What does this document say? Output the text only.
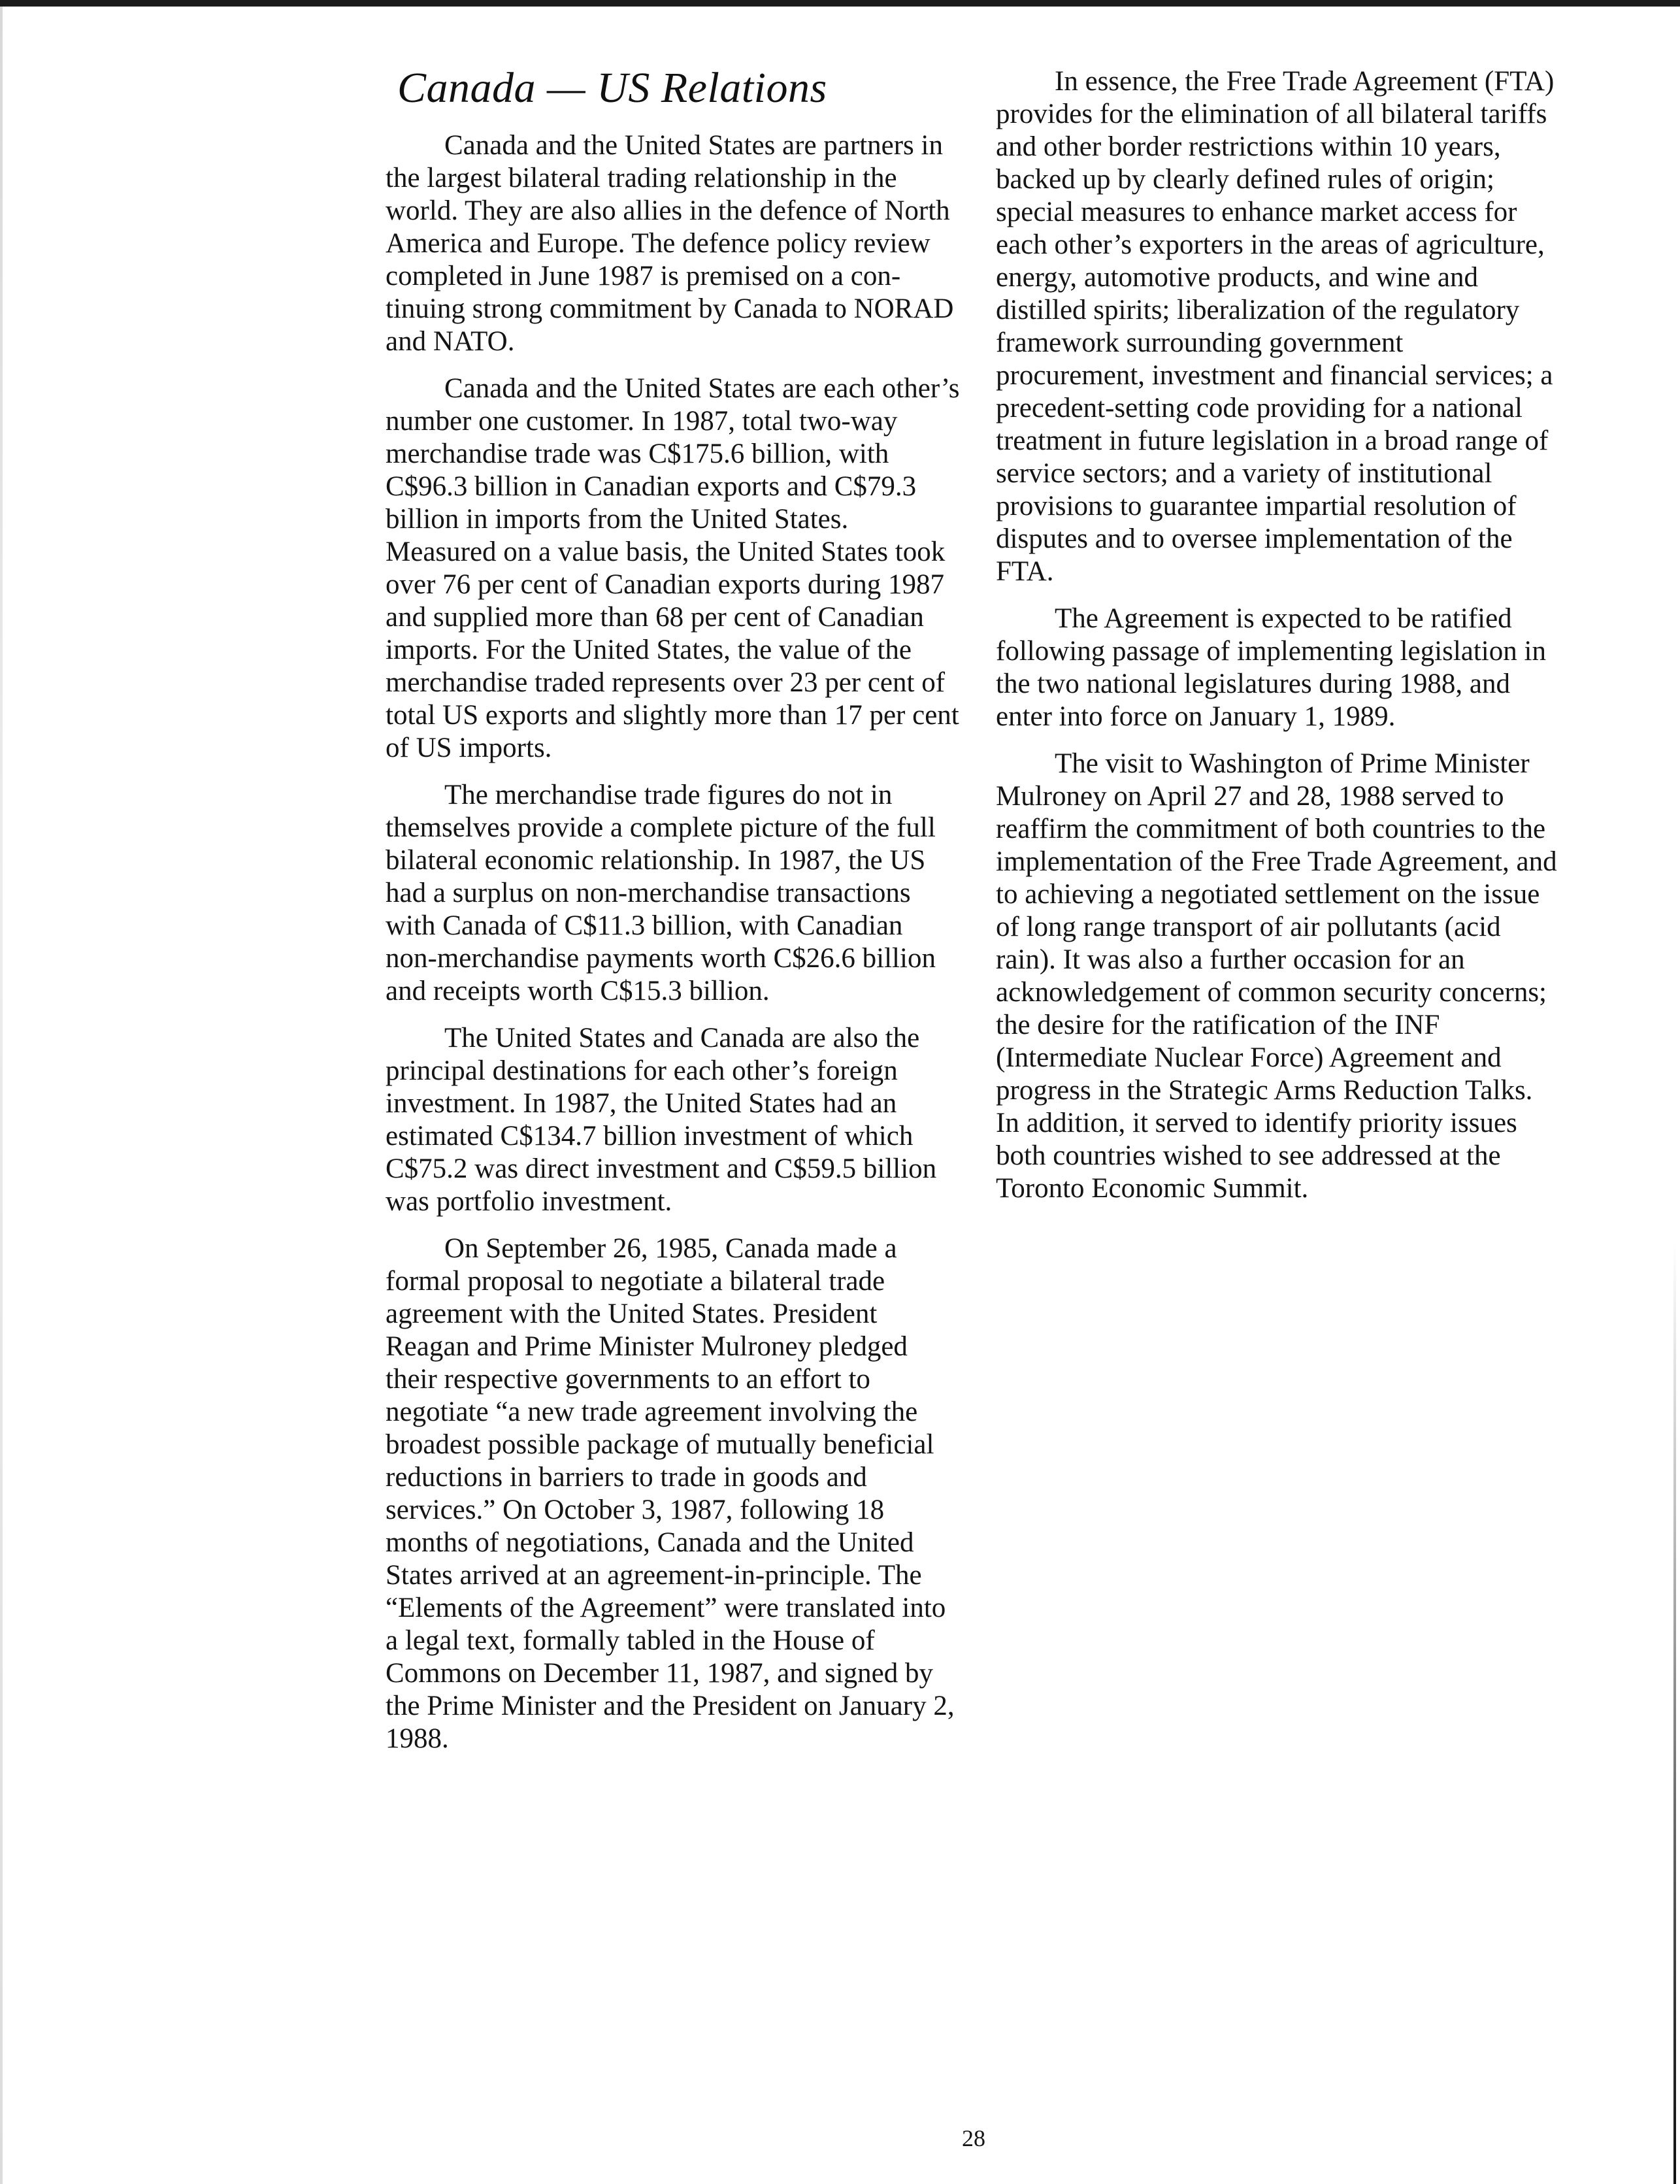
Canada — US Relations

Canada and the United States are partners in the largest bilateral trading relationship in the world. They are also allies in the defence of North America and Europe. The defence policy review completed in June 1987 is premised on a continuing strong commitment by Canada to NORAD and NATO.

Canada and the United States are each other’s number one customer. In 1987, total two-way merchandise trade was C$175.6 billion, with C$96.3 billion in Canadian exports and C$79.3 billion in imports from the United States. Measured on a value basis, the United States took over 76 per cent of Canadian exports during 1987 and supplied more than 68 per cent of Canadian imports. For the United States, the value of the merchandise traded represents over 23 per cent of total US exports and slightly more than 17 per cent of US imports.

The merchandise trade figures do not in themselves provide a complete picture of the full bilateral economic relationship. In 1987, the US had a surplus on non-merchandise transactions with Canada of C$11.3 billion, with Canadian non-merchandise payments worth C$26.6 billion and receipts worth C$15.3 billion.

The United States and Canada are also the principal destinations for each other’s foreign investment. In 1987, the United States had an estimated C$134.7 billion investment of which C$75.2 was direct investment and C$59.5 billion was portfolio investment.

On September 26, 1985, Canada made a formal proposal to negotiate a bilateral trade agreement with the United States. President Reagan and Prime Minister Mulroney pledged their respective governments to an effort to negotiate “a new trade agreement involving the broadest possible package of mutually beneficial reductions in barriers to trade in goods and services.” On October 3, 1987, following 18 months of negotiations, Canada and the United States arrived at an agreement-in-principle. The “Elements of the Agreement” were translated into a legal text, formally tabled in the House of Commons on December 11, 1987, and signed by the Prime Minister and the President on January 2, 1988.

In essence, the Free Trade Agreement (FTA) provides for the elimination of all bilateral tariffs and other border restrictions within 10 years, backed up by clearly defined rules of origin; special measures to enhance market access for each other’s exporters in the areas of agriculture, energy, automotive products, and wine and distilled spirits; liberalization of the regulatory framework surrounding government procurement, investment and financial services; a precedent-setting code providing for a national treatment in future legislation in a broad range of service sectors; and a variety of institutional provisions to guarantee impartial resolution of disputes and to oversee implementation of the FTA.

The Agreement is expected to be ratified following passage of implementing legislation in the two national legislatures during 1988, and enter into force on January 1, 1989.

The visit to Washington of Prime Minister Mulroney on April 27 and 28, 1988 served to reaffirm the commitment of both countries to the implementation of the Free Trade Agreement, and to achieving a negotiated settlement on the issue of long range transport of air pollutants (acid rain). It was also a further occasion for an acknowledgement of common security concerns; the desire for the ratification of the INF (Intermediate Nuclear Force) Agreement and progress in the Strategic Arms Reduction Talks. In addition, it served to identify priority issues both countries wished to see addressed at the Toronto Economic Summit.

28
